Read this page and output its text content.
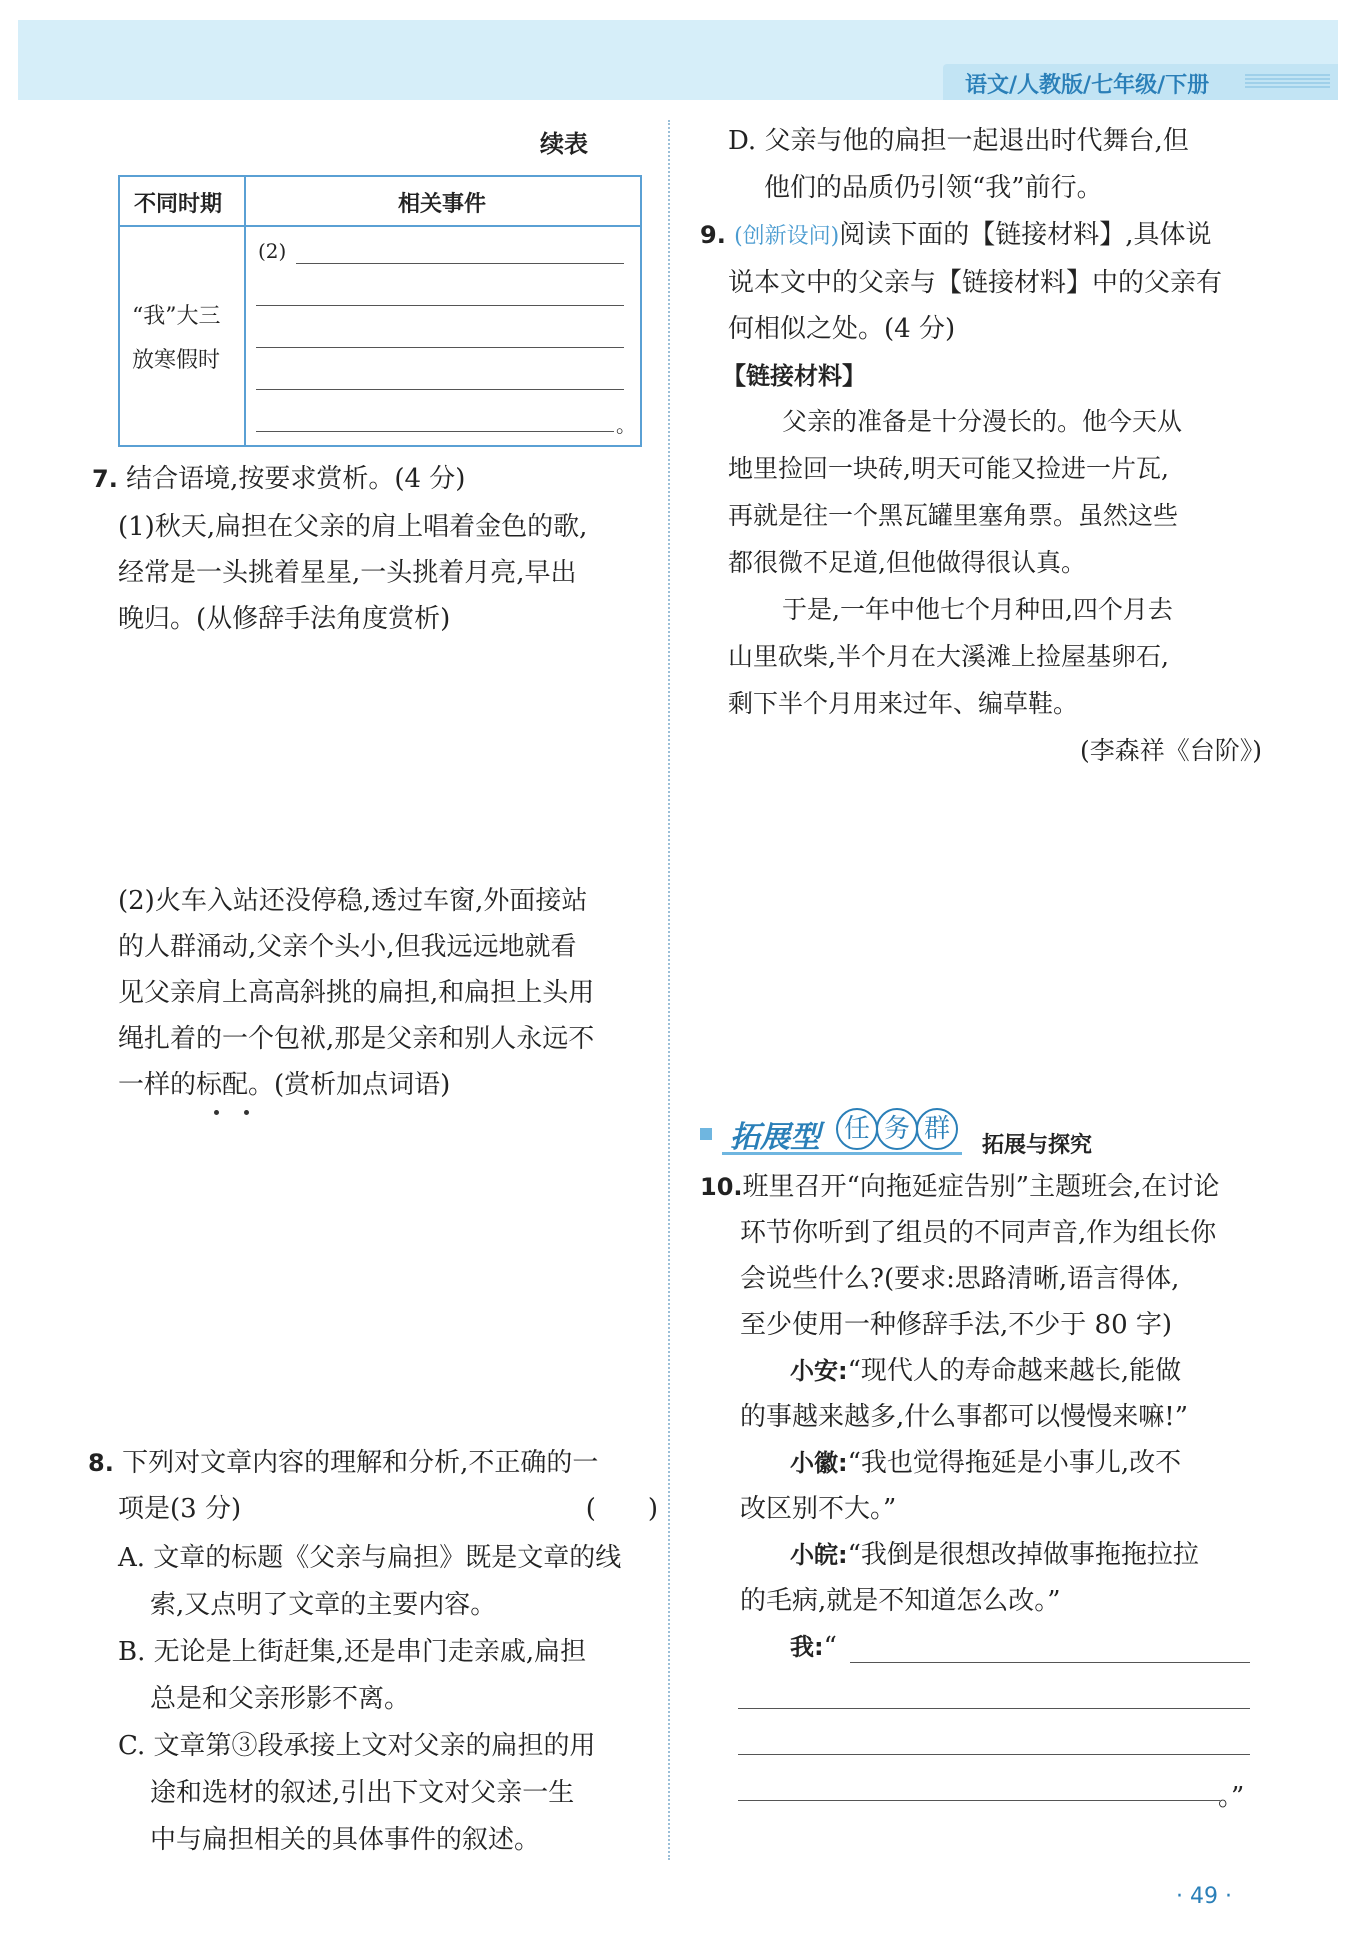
语文/人教版/七年级/下册
续表
不同时期	相关事件
“我”大三
放寒假时
(2)
。
7. 结合语境,按要求赏析。(4 分)
(1)秋天,扁担在父亲的肩上唱着金色的歌,
经常是一头挑着星星,一头挑着月亮,早出
晚归。(从修辞手法角度赏析)
(2)火车入站还没停稳,透过车窗,外面接站
的人群涌动,父亲个头小,但我远远地就看
见父亲肩上高高斜挑的扁担,和扁担上头用
绳扎着的一个包袱,那是父亲和别人永远不
一样的标配。(赏析加点词语)
8. 下列对文章内容的理解和分析,不正确的一
项是(3 分)	(　　)
A. 文章的标题《父亲与扁担》既是文章的线
索,又点明了文章的主要内容。
B. 无论是上街赶集,还是串门走亲戚,扁担
总是和父亲形影不离。
C. 文章第③段承接上文对父亲的扁担的用
途和选材的叙述,引出下文对父亲一生
中与扁担相关的具体事件的叙述。
D. 父亲与他的扁担一起退出时代舞台,但
他们的品质仍引领“我”前行。
9. (创新设问)阅读下面的【链接材料】,具体说
说本文中的父亲与【链接材料】中的父亲有
何相似之处。(4 分)
【链接材料】
父亲的准备是十分漫长的。他今天从
地里捡回一块砖,明天可能又捡进一片瓦,
再就是往一个黑瓦罐里塞角票。虽然这些
都很微不足道,但他做得很认真。
于是,一年中他七个月种田,四个月去
山里砍柴,半个月在大溪滩上捡屋基卵石,
剩下半个月用来过年、编草鞋。
(李森祥《台阶》)
拓展型 任 务 群
拓展与探究
10.班里召开“向拖延症告别”主题班会,在讨论
环节你听到了组员的不同声音,作为组长你
会说些什么?(要求:思路清晰,语言得体,
至少使用一种修辞手法,不少于 80 字)
小安:“现代人的寿命越来越长,能做
的事越来越多,什么事都可以慢慢来嘛!”
小徽:“我也觉得拖延是小事儿,改不
改区别不大。”
小皖:“我倒是很想改掉做事拖拖拉拉
的毛病,就是不知道怎么改。”
我:“
。”
· 49 ·
